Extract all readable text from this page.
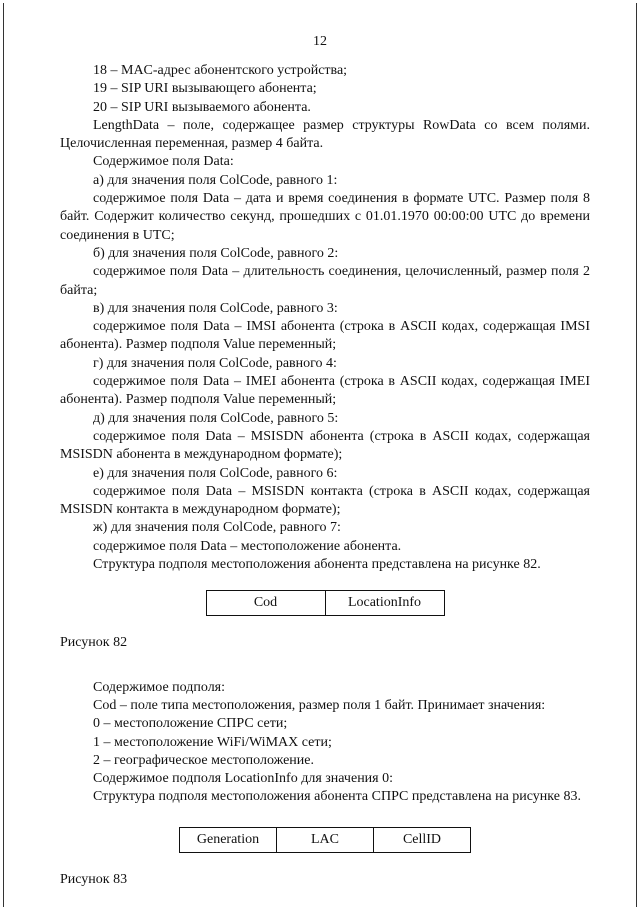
12

18 – MAC-адрес абонентского устройства;

19 – SIP URI вызывающего абонента;

20 – SIP URI вызываемого абонента.

LengthData – поле, содержащее размер структуры RowData со всем полями. Целочисленная переменная, размер 4 байта.

Содержимое поля Data:

а) для значения поля ColCode, равного 1:

содержимое поля Data – дата и время соединения в формате UTC. Размер поля 8 байт. Содержит количество секунд, прошедших с 01.01.1970 00:00:00 UTC до времени соединения в UTC;

б) для значения поля ColCode, равного 2:

содержимое поля Data – длительность соединения, целочисленный, размер поля 2 байта;

в) для значения поля ColCode, равного 3:

содержимое поля Data – IMSI абонента (строка в ASCII кодах, содержащая IMSI абонента). Размер подполя Value переменный;

г) для значения поля ColCode, равного 4:

содержимое поля Data – IMEI абонента (строка в ASCII кодах, содержащая IMEI абонента). Размер подполя Value переменный;

д) для значения поля ColCode, равного 5:

содержимое поля Data – MSISDN абонента (строка в ASCII кодах, содержащая MSISDN абонента в международном формате);

е) для значения поля ColCode, равного 6:

содержимое поля Data – MSISDN контакта (строка в ASCII кодах, содержащая MSISDN контакта в международном формате);

ж) для значения поля ColCode, равного 7:

содержимое поля Data – местоположение абонента.

Структура подполя местоположения абонента представлена на рисунке 82.

Cod	LocationInfo

Рисунок 82

Содержимое подполя:

Cod – поле типа местоположения, размер поля 1 байт. Принимает значения:

0 – местоположение СПРС сети;

1 – местоположение WiFi/WiMAX сети;

2 – географическое местоположение.

Содержимое подполя LocationInfo для значения 0:

Структура подполя местоположения абонента СПРС представлена на рисунке 83.

Generation	LAC	CellID

Рисунок 83
